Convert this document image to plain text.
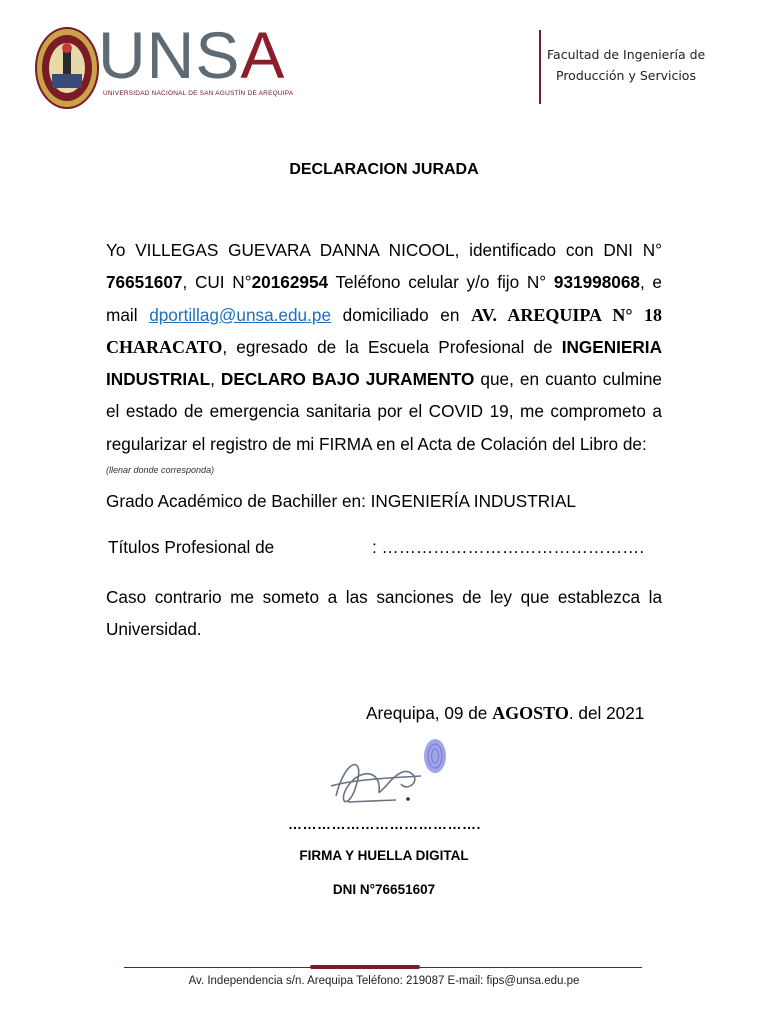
UNSA
UNIVERSIDAD NACIONAL DE SAN AGUSTÍN DE AREQUIPA
Facultad de Ingeniería de
Producción y Servicios
DECLARACION JURADA
Yo VILLEGAS GUEVARA DANNA NICOOL, identificado con DNI N° 76651607, CUI N°20162954 Teléfono celular y/o fijo N° 931998068, e mail dportillag@unsa.edu.pe domiciliado en AV. AREQUIPA N° 18 CHARACATO, egresado de la Escuela Profesional de INGENIERIA INDUSTRIAL, DECLARO BAJO JURAMENTO que, en cuanto culmine el estado de emergencia sanitaria por el COVID 19, me comprometo a regularizar el registro de mi FIRMA en el Acta de Colación del Libro de:
(llenar donde corresponda)
Grado Académico de Bachiller en: INGENIERÍA INDUSTRIAL
Títulos Profesional de	: ……………………………………….
Caso contrario me someto a las sanciones de ley que establezca la Universidad.
Arequipa, 09 de AGOSTO. del 2021
………………………………….
FIRMA Y HUELLA DIGITAL
DNI N°76651607
Av. Independencia s/n. Arequipa Teléfono: 219087 E-mail: fips@unsa.edu.pe
